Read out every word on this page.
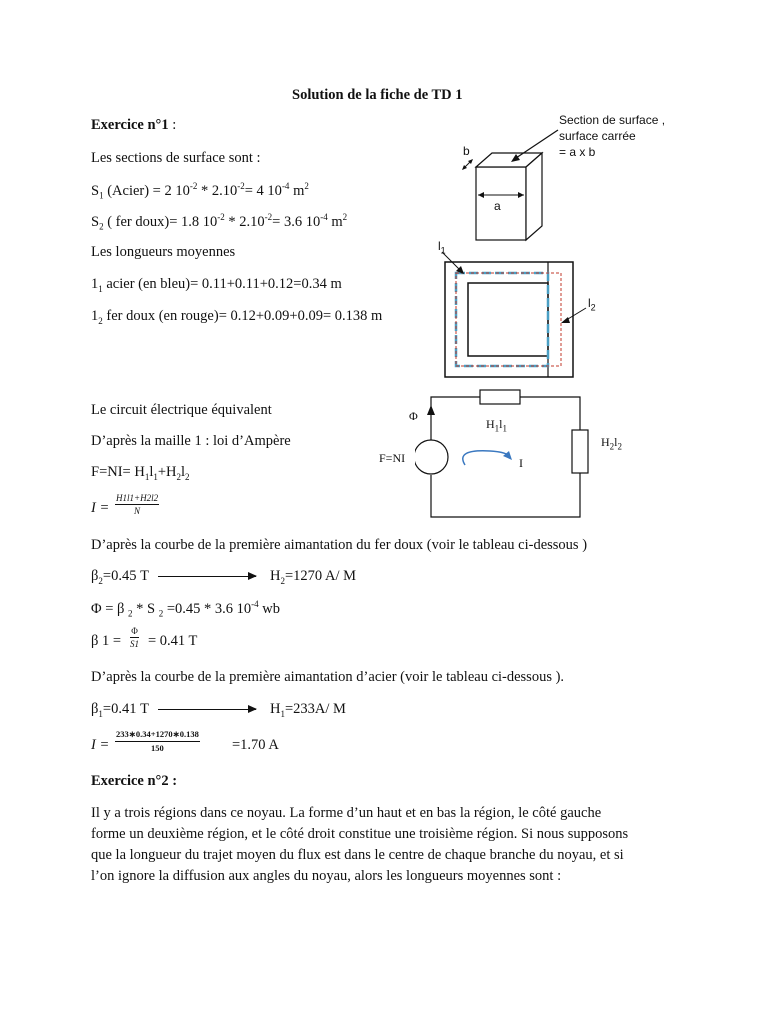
Solution de la fiche de TD 1
Exercice n°1 :
Les sections de surface sont :
$S_1$ (Acier) = 2 $10^{-2} * 2.10^{-2}= 4$ $10^{-4}$ $m^2$
$S_2$ ( fer doux)= 1.8 $10^{-2} * 2.10^{-2}= 3.6$ $10^{-4}$ $m^2$
Les longueurs moyennes
$1_1$ acier (en bleu)= 0.11+0.11+0.12=0.34 m
$1_2$ fer doux (en rouge)= 0.12+0.09+0.09= 0.138 m
Le circuit électrique équivalent
D’après la maille 1 : loi d’Ampère
$F=NI= H_1l_1+H_2l_2$
$I = \frac{H1l1+H2l2}{N}$
D’après la courbe de la première aimantation du fer doux (voir le tableau ci-dessous )
$\beta_2=0.45$ T	$H_2=1270$ A/ M
Φ = β $_2$ * S $_2$ =0.45 * 3.6 $10^{-4}$ wb
β $1 = \frac{\Phi}{S1} = 0.41$ T
D’après la courbe de la première aimantation d’acier (voir le tableau ci-dessous ).
$\beta_1=0.41$ T	$H_1=233A/$ M
$I = \frac{233∗0.34+1270∗0.138}{150} =1.70$ A
Exercice n°2 :
Il y a trois régions dans ce noyau. La forme d’un haut et en bas la région, le côté gauche
forme un deuxième région, et le côté droit constitue une troisième région. Si nous supposons
que la longueur du trajet moyen du flux est dans le centre de chaque branche du noyau, et si
l’on ignore la diffusion aux angles du noyau, alors les longueurs moyennes sont :
a
b
Section de surface ,
surface carrée
= a x b
$l_1$
$l_2$
Φ
F=NI
$H_1l_1$
$H_2l_2$
I
